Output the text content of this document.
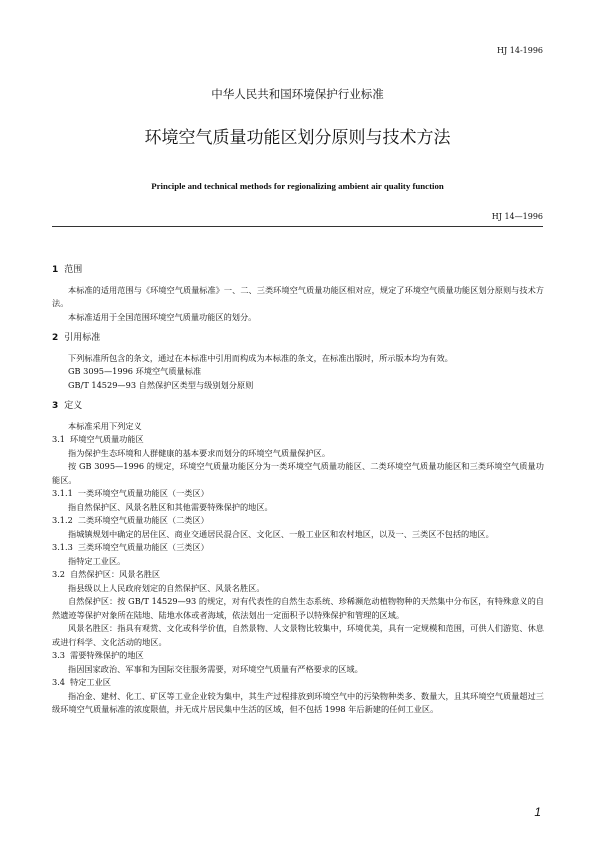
HJ 14-1996
中华人民共和国环境保护行业标准
环境空气质量功能区划分原则与技术方法
Principle and technical methods for regionalizing ambient air quality function
HJ 14—1996
1 范围

本标准的适用范围与《环境空气质量标准》一、二、三类环境空气质量功能区相对应，规定了环境空气质量功能区划分原则与技术方法。

本标准适用于全国范围环境空气质量功能区的划分。

2 引用标准

下列标准所包含的条文，通过在本标准中引用而构成为本标准的条文，在标准出版时，所示版本均为有效。

GB 3095—1996 环境空气质量标准

GB/T 14529—93 自然保护区类型与级别划分原则

3 定义

本标准采用下列定义

3.1 环境空气质量功能区

指为保护生态环境和人群健康的基本要求而划分的环境空气质量保护区。

按 GB 3095—1996 的规定，环境空气质量功能区分为一类环境空气质量功能区、二类环境空气质量功能区和三类环境空气质量功能区。

3.1.1 一类环境空气质量功能区（一类区）

指自然保护区、风景名胜区和其他需要特殊保护的地区。

3.1.2 二类环境空气质量功能区（二类区）

指城镇规划中确定的居住区、商业交通居民混合区、文化区、一般工业区和农村地区，以及一、三类区不包括的地区。

3.1.3 三类环境空气质量功能区（三类区）

指特定工业区。

3.2 自然保护区：风景名胜区

指县级以上人民政府划定的自然保护区、风景名胜区。

自然保护区：按 GB/T 14529—93 的规定，对有代表性的自然生态系统、珍稀濒危动植物物种的天然集中分布区，有特殊意义的自然遗迹等保护对象所在陆地、陆地水体或者海域，依法划出一定面积予以特殊保护和管理的区域。

风景名胜区：指具有观赏、文化或科学价值，自然景物、人文景物比较集中，环境优美，具有一定规模和范围，可供人们游览、休息或进行科学、文化活动的地区。

3.3 需要特殊保护的地区

指因国家政治、军事和为国际交往服务需要，对环境空气质量有严格要求的区域。

3.4 特定工业区

指冶金、建材、化工、矿区等工业企业较为集中，其生产过程排放到环境空气中的污染物种类多、数量大，且其环境空气质量超过三级环境空气质量标准的浓度限值，并无成片居民集中生活的区域，但不包括 1998 年后新建的任何工业区。

1
